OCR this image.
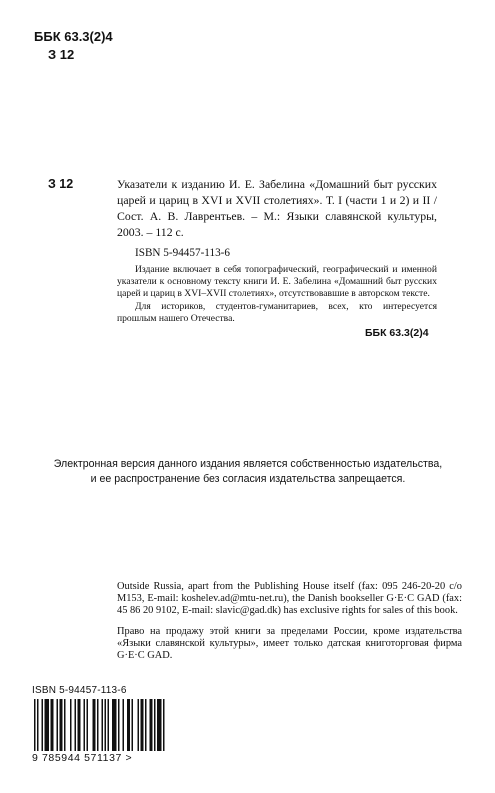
ББК 63.3(2)4
З 12

З 12	Указатели к изданию И. Е. Забелина «Домашний быт русских царей и цариц в XVI и XVII столетиях». Т. I (части 1 и 2) и II / Сост. А. В. Лаврентьев. – М.: Языки славянской культуры, 2003. – 112 с.
ISBN 5-94457-113-6

Издание включает в себя топографический, географический и именной указатели к основному тексту книги И. Е. Забелина «Домашний быт русских царей и цариц в XVI–XVII столетиях», отсутствовавшие в авторском тексте.

Для историков, студентов-гуманитариев, всех, кто интересуется прошлым нашего Отечества.

ББК 63.3(2)4
Электронная версия данного издания является собственностью издательства,
и ее распространение без согласия издательства запрещается.
Outside Russia, apart from the Publishing House itself (fax: 095 246-20-20 c/o M153, E-mail: koshelev.ad@mtu-net.ru), the Danish bookseller G·E·C GAD (fax: 45 86 20 9102, E-mail: slavic@gad.dk) has exclusive rights for sales of this book.
Право на продажу этой книги за пределами России, кроме издательства «Языки славянской культуры», имеет только датская книготорговая фирма G·E·C GAD.
ISBN 5-94457-113-6
9 785944 571137 >
